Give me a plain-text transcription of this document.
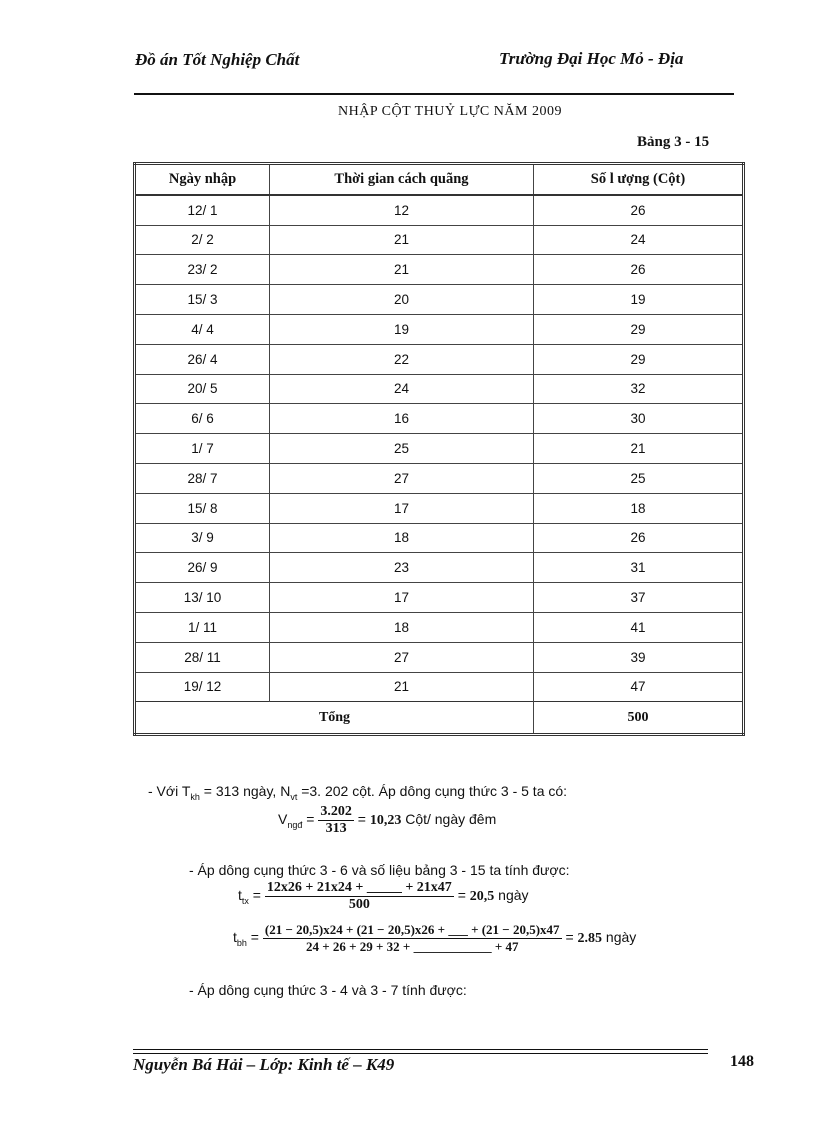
Đồ án Tốt Nghiệp Chất	Trường Đại Học Mỏ - Địa
NHẬP CỘT THUỶ LỰC NĂM 2009
Bảng 3 - 15
Ngày nhập	Thời gian cách quãng	Số l ượng (Cột)
12/ 1	12	26
2/ 2	21	24
23/ 2	21	26
15/ 3	20	19
4/ 4	19	29
26/ 4	22	29
20/ 5	24	32
6/ 6	16	30
1/ 7	25	21
28/ 7	27	25
15/ 8	17	18
3/ 9	18	26
26/ 9	23	31
13/ 10	17	37
1/ 11	18	41
28/ 11	27	39
19/ 12	21	47
Tổng		500
- Với $T_{kh} = 313$ ngày, $N_{vt} =3$. 202 cột. Áp dông cụng thức 3 - 5 ta có:
$V_{ngđ} = \frac{3.202}{313} = 10,23$ Cột/ ngày đêm
- Áp dông cụng thức 3 - 6 và số liệu bảng 3 - 15 ta tính được:
$t_{tx} = \frac{12x26 + 21x24 + \_\_\_\_\_ + 21x47}{500} = 20,5$ ngày
$t_{bh} = \frac{(21 - 20,5)x24 + (21 - 20,5)x26 + \_\_\_ + (21 - 20,5)x47}{24 + 26 + 29 + 32 + \_\_\_\_\_\_\_\_\_\_\_\_ + 47} = 2.85$ ngày
- Áp dông cụng thức 3 - 4 và 3 - 7 tính được:
Nguyễn Bá Hải – Lớp: Kinh tế – K49	148
